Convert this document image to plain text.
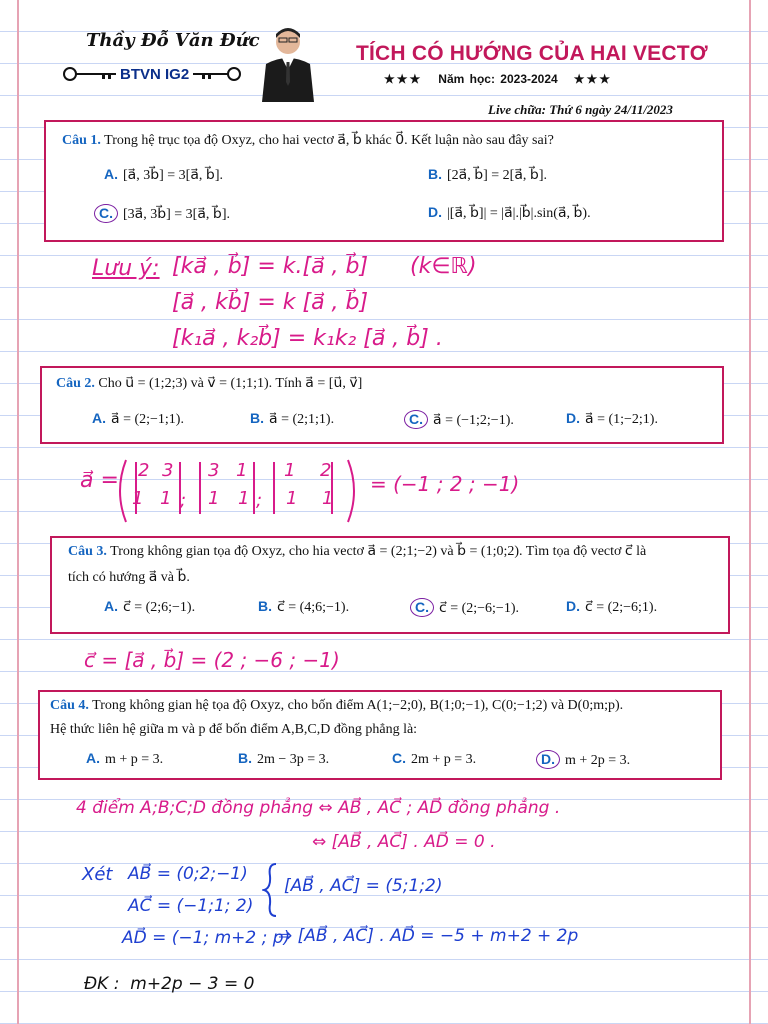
Thầy Đỗ Văn Đức
BTVN IG2
TÍCH CÓ HƯỚNG CỦA HAI VECTƠ
★★★ Năm học: 2023-2024 ★★★
Live chữa: Thứ 6 ngày 24/11/2023
Câu 1. Trong hệ trục tọa độ Oxyz, cho hai vectơ a⃗, b⃗ khác 0⃗. Kết luận nào sau đây sai?
A. [a⃗, 3b⃗] = 3[a⃗, b⃗].	B. [2a⃗, b⃗] = 2[a⃗, b⃗].
C. [3a⃗, 3b⃗] = 3[a⃗, b⃗].	D. |[a⃗, b⃗]| = |a⃗|.|b⃗|.sin(a⃗, b⃗).
Lưu ý: [ka⃗ , b⃗] = k.[a⃗ , b⃗]      (k∈ℝ)
[a⃗ , kb⃗] = k [a⃗ , b⃗]
[k₁a⃗ , k₂b⃗] = k₁k₂ [a⃗ , b⃗] .
Câu 2. Cho u⃗ = (1;2;3) và v⃗ = (1;1;1). Tính a⃗ = [u⃗, v⃗]
A. a⃗ = (2;−1;1).	B. a⃗ = (2;1;1).	C. a⃗ = (−1;2;−1).	D. a⃗ = (1;−2;1).
a⃗ = 2 3
1 1 ;
3 1
1 1 ;
1 2
1 1
= (−1 ; 2 ; −1)
Câu 3. Trong không gian tọa độ Oxyz, cho hia vectơ a⃗ = (2;1;−2) và b⃗ = (1;0;2). Tìm tọa độ vectơ c⃗ là
tích có hướng a⃗ và b⃗.
A. c⃗ = (2;6;−1).	B. c⃗ = (4;6;−1).	C. c⃗ = (2;−6;−1).	D. c⃗ = (2;−6;1).
c⃗ = [a⃗ , b⃗] = (2 ; −6 ; −1)
Câu 4. Trong không gian hệ tọa độ Oxyz, cho bốn điểm A(1;−2;0), B(1;0;−1), C(0;−1;2) và D(0;m;p).
Hệ thức liên hệ giữa m và p để bốn điểm A,B,C,D đồng phẳng là:
A. m + p = 3.	B. 2m − 3p = 3.	C. 2m + p = 3.	D. m + 2p = 3.
4 điểm A;B;C;D đồng phẳng ⇔ AB⃗ , AC⃗ ; AD⃗ đồng phẳng .
⇔ [AB⃗ , AC⃗] . AD⃗ = 0 .
Xét AB⃗ = (0;2;−1)
AC⃗ = (−1;1; 2)
[AB⃗ , AC⃗] = (5;1;2)
AD⃗ = (−1; m+2 ; p)
⇒ [AB⃗ , AC⃗] . AD⃗ = −5 + m+2 + 2p
ĐK :  m+2p − 3 = 0
